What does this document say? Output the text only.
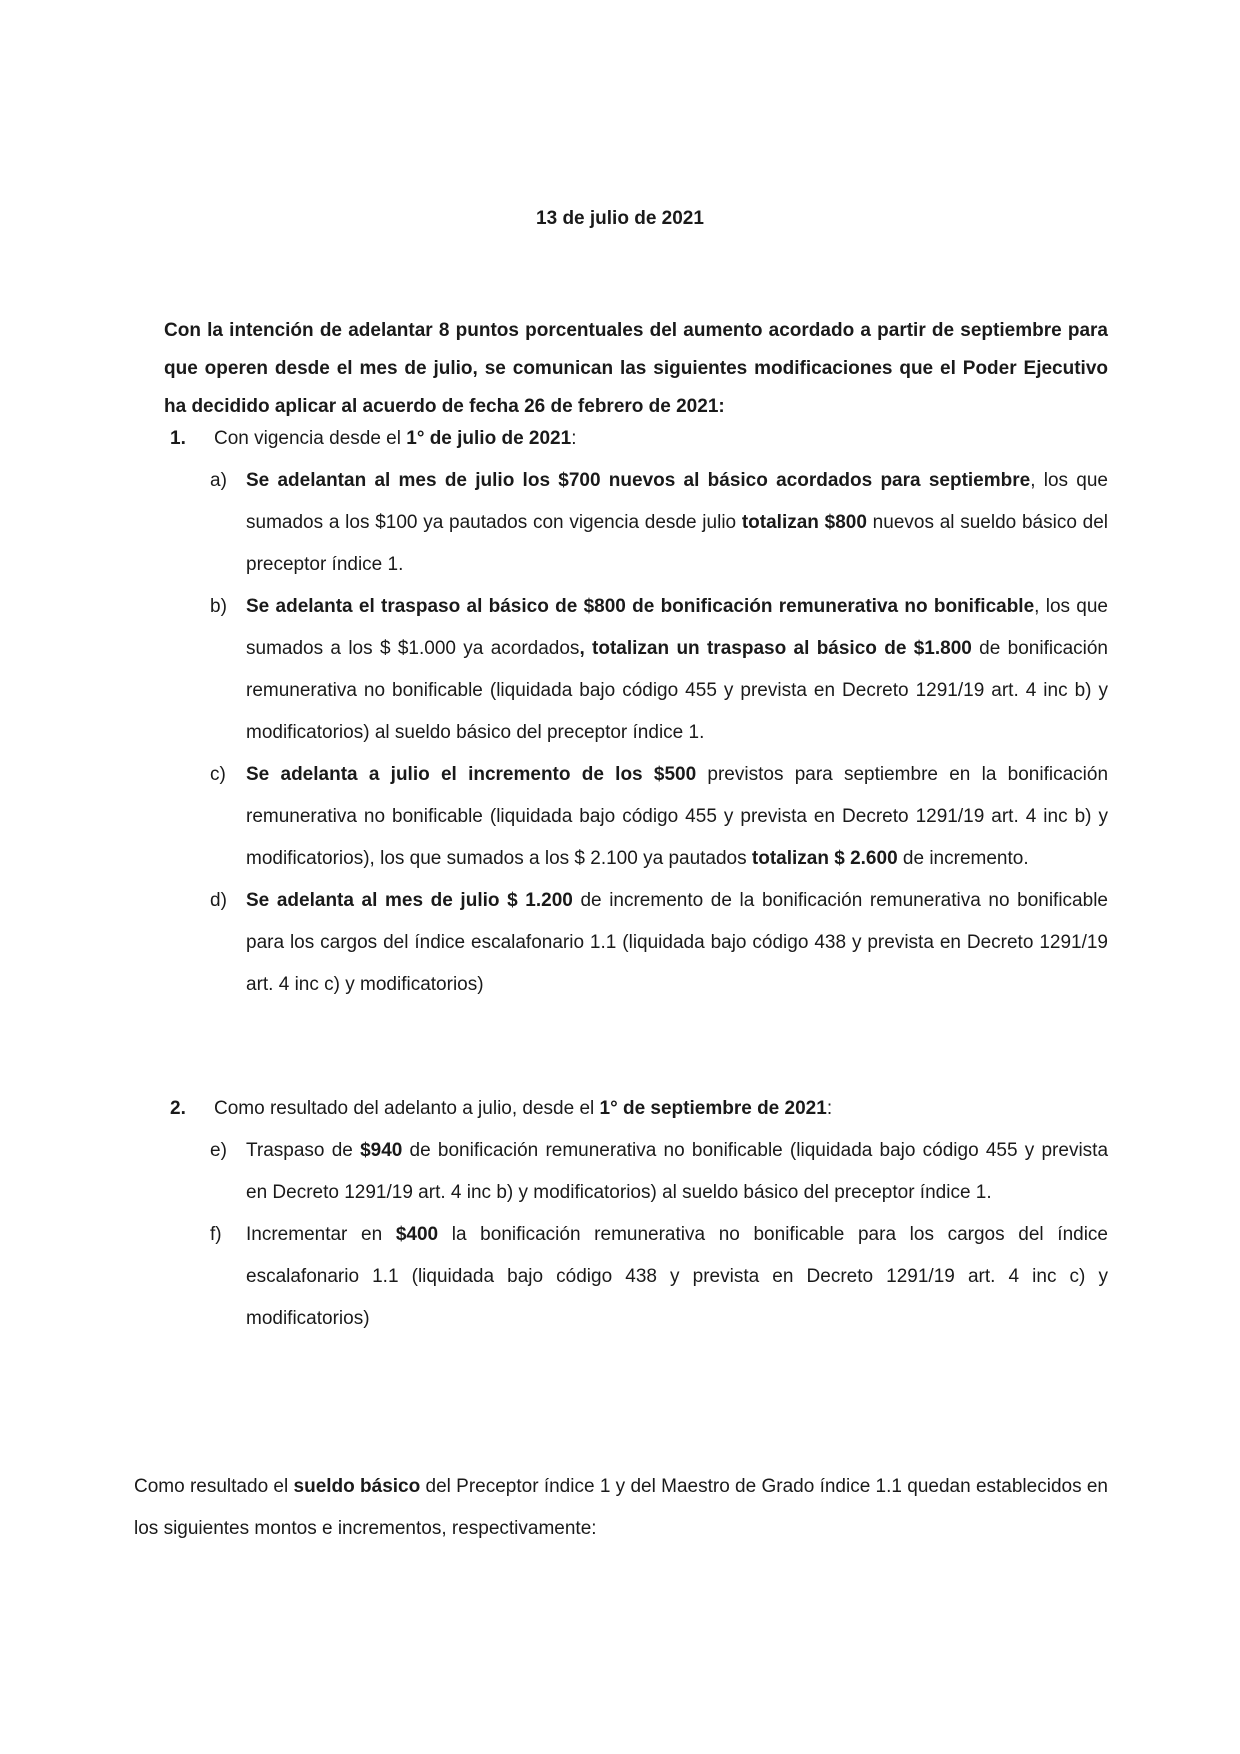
13 de julio de 2021
Con la intención de adelantar 8 puntos porcentuales del aumento acordado a partir de septiembre para que operen desde el mes de julio, se comunican las siguientes modificaciones que el Poder Ejecutivo ha decidido aplicar al acuerdo de fecha 26 de febrero de 2021:
1. Con vigencia desde el 1° de julio de 2021:
a)	Se adelantan al mes de julio los $700 nuevos al básico acordados para septiembre, los que sumados a los $100 ya pautados con vigencia desde julio totalizan $800 nuevos al sueldo básico del preceptor índice 1.
b)	Se adelanta el traspaso al básico de $800 de bonificación remunerativa no bonificable, los que sumados a los $ $1.000 ya acordados, totalizan un traspaso al básico de $1.800 de bonificación remunerativa no bonificable (liquidada bajo código 455 y prevista en Decreto 1291/19 art. 4 inc b) y modificatorios) al sueldo básico del preceptor índice 1.
c)	Se adelanta a julio el incremento de los $500 previstos para septiembre en la bonificación remunerativa no bonificable (liquidada bajo código 455 y prevista en Decreto 1291/19 art. 4 inc b) y modificatorios), los que sumados a los $ 2.100 ya pautados totalizan $ 2.600 de incremento.
d)	Se adelanta al mes de julio $ 1.200 de incremento de la bonificación remunerativa no bonificable para los cargos del índice escalafonario 1.1 (liquidada bajo código 438 y prevista en Decreto 1291/19 art. 4 inc c) y modificatorios)
2. Como resultado del adelanto a julio, desde el 1° de septiembre de 2021:
e)	Traspaso de $940 de bonificación remunerativa no bonificable (liquidada bajo código 455 y prevista en Decreto 1291/19 art. 4 inc b) y modificatorios) al sueldo básico del preceptor índice 1.
f)	Incrementar en $400 la bonificación remunerativa no bonificable para los cargos del índice escalafonario 1.1 (liquidada bajo código 438 y prevista en Decreto 1291/19 art. 4 inc c) y modificatorios)
Como resultado el sueldo básico del Preceptor índice 1 y del Maestro de Grado índice 1.1 quedan establecidos en los siguientes montos e incrementos, respectivamente:
